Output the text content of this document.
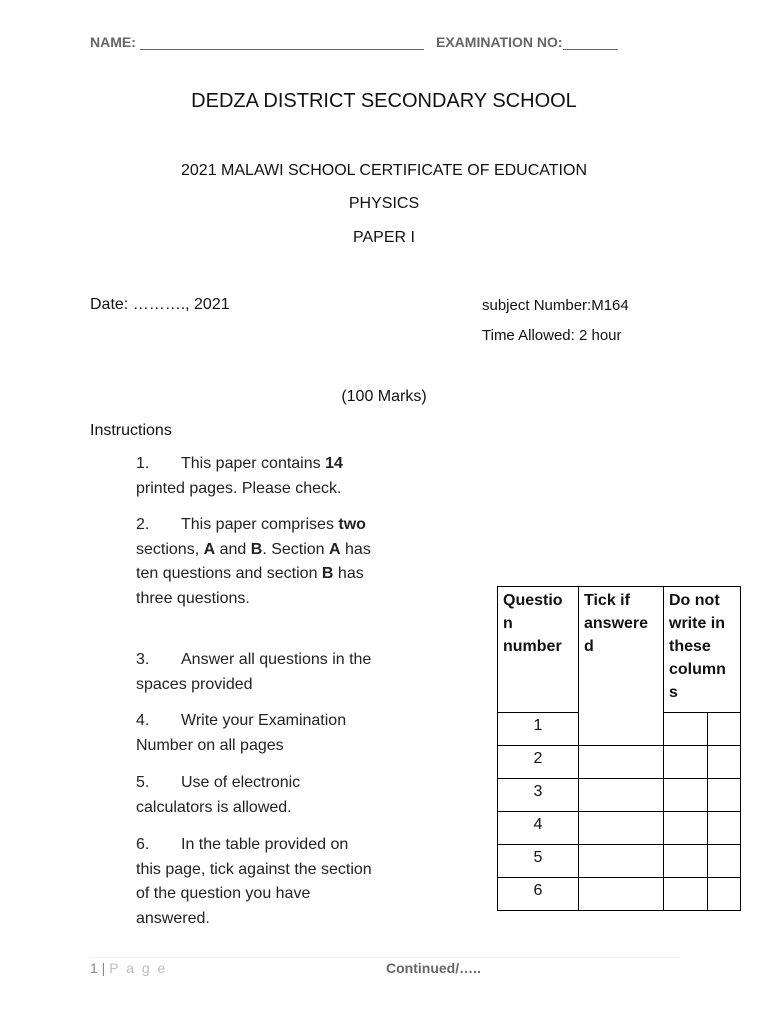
NAME:	EXAMINATION NO:
DEDZA DISTRICT SECONDARY SCHOOL
2021 MALAWI SCHOOL CERTIFICATE OF EDUCATION
PHYSICS
PAPER I
Date: ………., 2021	subject Number:M164
Time Allowed: 2 hour
(100 Marks)
Instructions
1. This paper contains 14 printed pages. Please check.
2. This paper comprises two sections, A and B. Section A has ten questions and section B has three questions.
3. Answer all questions in the spaces provided
4. Write your Examination Number on all pages
5. Use of electronic calculators is allowed.
6. In the table provided on this page, tick against the section of the question you have answered.
Questio n number	Tick if answere d	Do not write in these column s	
1			
2			
3			
4			
5			
6			
1 | P a g e	Continued/…..
